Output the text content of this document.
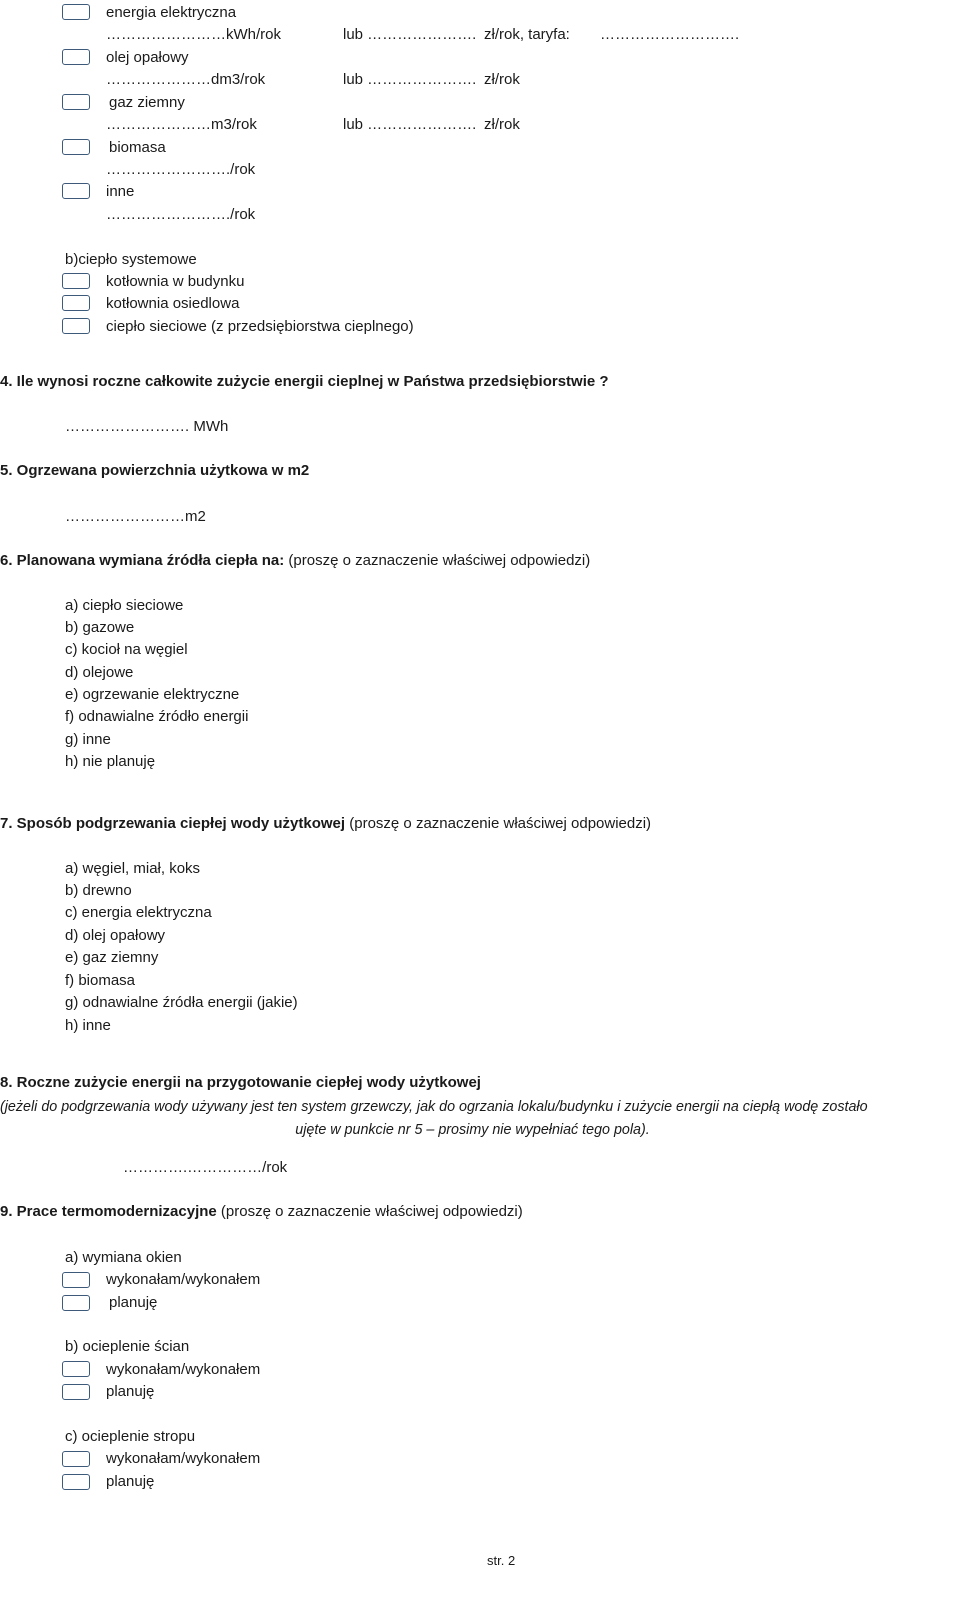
energia elektryczna
……………………kWh/rok	lub …………………. zł/rok, taryfa: ……………………….
olej opałowy
…………………dm3/rok	lub …………………. zł/rok
gaz ziemny
…………………m3/rok	lub …………………. zł/rok
biomasa
……………………./rok
inne
……………………./rok
b)ciepło systemowe
kotłownia w budynku
kotłownia osiedlowa
ciepło sieciowe (z przedsiębiorstwa cieplnego)
4. Ile wynosi roczne całkowite zużycie energii cieplnej w Państwa przedsiębiorstwie ?
……………………. MWh
5. Ogrzewana powierzchnia użytkowa w m2
……………………m2
6. Planowana wymiana źródła ciepła na: (proszę o zaznaczenie właściwej odpowiedzi)
a) ciepło sieciowe
b) gazowe
c) kocioł na węgiel
d) olejowe
e) ogrzewanie elektryczne
f) odnawialne źródło energii
g) inne
h) nie planuję
7. Sposób podgrzewania ciepłej wody użytkowej (proszę o zaznaczenie właściwej odpowiedzi)
a) węgiel, miał, koks
b) drewno
c) energia elektryczna
d) olej opałowy
e) gaz ziemny
f) biomasa
g) odnawialne źródła energii (jakie)
h) inne
8. Roczne zużycie energii na przygotowanie ciepłej wody użytkowej
(jeżeli do podgrzewania wody używany jest ten system grzewczy, jak do ogrzania lokalu/budynku i zużycie energii na ciepłą wodę zostało
ujęte w punkcie nr 5 – prosimy nie wypełniać tego pola).
………….……………/rok
9. Prace termomodernizacyjne (proszę o zaznaczenie właściwej odpowiedzi)
a) wymiana okien
wykonałam/wykonałem
planuję
b) ocieplenie ścian
wykonałam/wykonałem
planuję
c) ocieplenie stropu
wykonałam/wykonałem
planuję
str. 2
